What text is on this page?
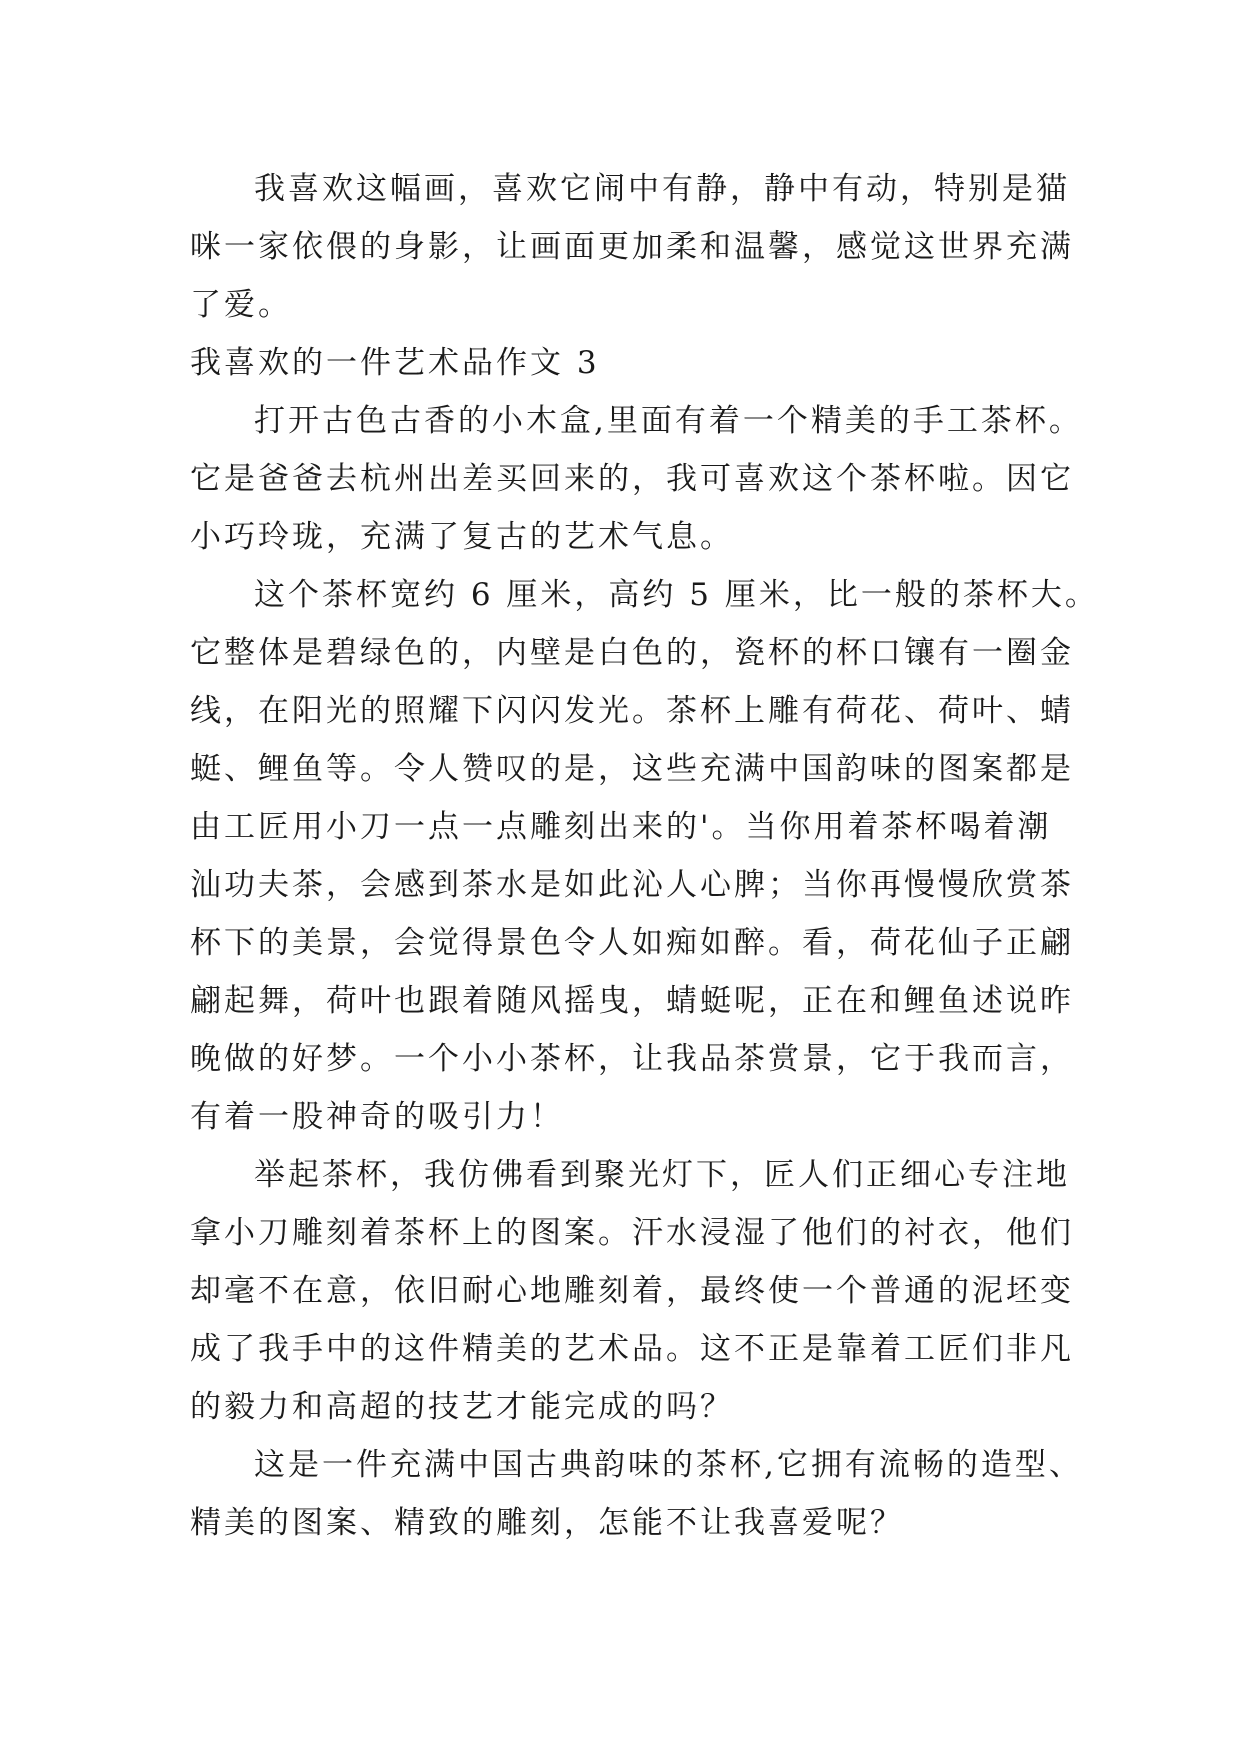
我喜欢这幅画，喜欢它闹中有静，静中有动，特别是猫
咪一家依偎的身影，让画面更加柔和温馨，感觉这世界充满
了爱。

我喜欢的一件艺术品作文 3

打开古色古香的小木盒,里面有着一个精美的手工茶杯。
它是爸爸去杭州出差买回来的，我可喜欢这个茶杯啦。因它
小巧玲珑，充满了复古的艺术气息。

这个茶杯宽约 6 厘米，高约 5 厘米，比一般的茶杯大。
它整体是碧绿色的，内壁是白色的，瓷杯的杯口镶有一圈金
线，在阳光的照耀下闪闪发光。茶杯上雕有荷花、荷叶、蜻
蜓、鲤鱼等。令人赞叹的是，这些充满中国韵味的图案都是
由工匠用小刀一点一点雕刻出来的'。当你用着茶杯喝着潮
汕功夫茶，会感到茶水是如此沁人心脾；当你再慢慢欣赏茶
杯下的美景，会觉得景色令人如痴如醉。看，荷花仙子正翩
翩起舞，荷叶也跟着随风摇曳，蜻蜓呢，正在和鲤鱼述说昨
晚做的好梦。一个小小茶杯，让我品茶赏景，它于我而言，
有着一股神奇的吸引力！

举起茶杯，我仿佛看到聚光灯下，匠人们正细心专注地
拿小刀雕刻着茶杯上的图案。汗水浸湿了他们的衬衣，他们
却毫不在意，依旧耐心地雕刻着，最终使一个普通的泥坯变
成了我手中的这件精美的艺术品。这不正是靠着工匠们非凡
的毅力和高超的技艺才能完成的吗？

这是一件充满中国古典韵味的茶杯,它拥有流畅的造型、
精美的图案、精致的雕刻，怎能不让我喜爱呢？
